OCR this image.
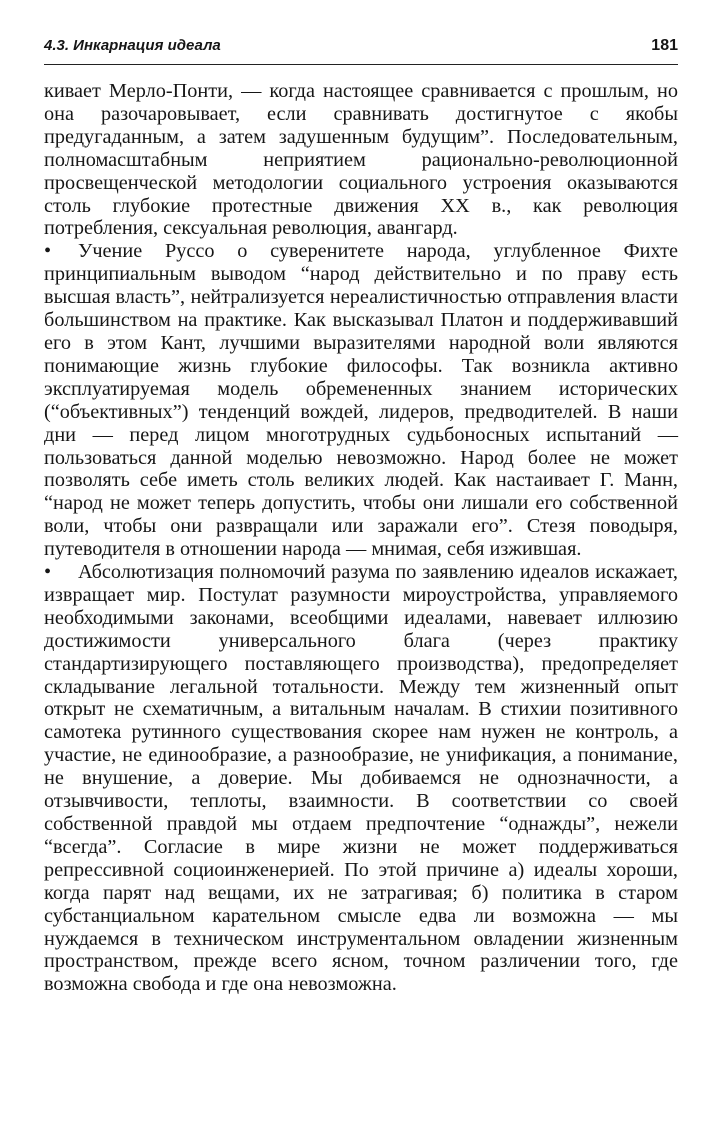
4.3. Инкарнация идеала	181

кивает Мерло-Понти, — когда настоящее сравнивается с прошлым, но она разочаровывает, если сравнивать достигнутое с якобы предугаданным, а затем задушенным будущим”. Последовательным, полномасштабным неприятием рационально-революционной просвещенческой методологии социального устроения оказываются столь глубокие протестные движения XX в., как революция потребления, сексуальная революция, авангард.

• Учение Руссо о суверенитете народа, углубленное Фихте принципиальным выводом “народ действительно и по праву есть высшая власть”, нейтрализуется нереалистичностью отправления власти большинством на практике. Как высказывал Платон и поддерживавший его в этом Кант, лучшими выразителями народной воли являются понимающие жизнь глубокие философы. Так возникла активно эксплуатируемая модель обремененных знанием исторических (“объективных”) тенденций вождей, лидеров, предводителей. В наши дни — перед лицом многотрудных судьбоносных испытаний — пользоваться данной моделью невозможно. Народ более не может позволять себе иметь столь великих людей. Как настаивает Г. Манн, “народ не может теперь допустить, чтобы они лишали его собственной воли, чтобы они развращали или заражали его”. Стезя поводыря, путеводителя в отношении народа — мнимая, себя изжившая.

• Абсолютизация полномочий разума по заявлению идеалов искажает, извращает мир. Постулат разумности мироустройства, управляемого необходимыми законами, всеобщими идеалами, навевает иллюзию достижимости универсального блага (через практику стандартизирующего поставляющего производства), предопределяет складывание легальной тотальности. Между тем жизненный опыт открыт не схематичным, а витальным началам. В стихии позитивного самотека рутинного существования скорее нам нужен не контроль, а участие, не единообразие, а разнообразие, не унификация, а понимание, не внушение, а доверие. Мы добиваемся не однозначности, а отзывчивости, теплоты, взаимности. В соответствии со своей собственной правдой мы отдаем предпочтение “однажды”, нежели “всегда”. Согласие в мире жизни не может поддерживаться репрессивной социоинженерией. По этой причине а) идеалы хороши, когда парят над вещами, их не затрагивая; б) политика в старом субстанциальном карательном смысле едва ли возможна — мы нуждаемся в техническом инструментальном овладении жизненным пространством, прежде всего ясном, точном различении того, где возможна свобода и где она невозможна.
